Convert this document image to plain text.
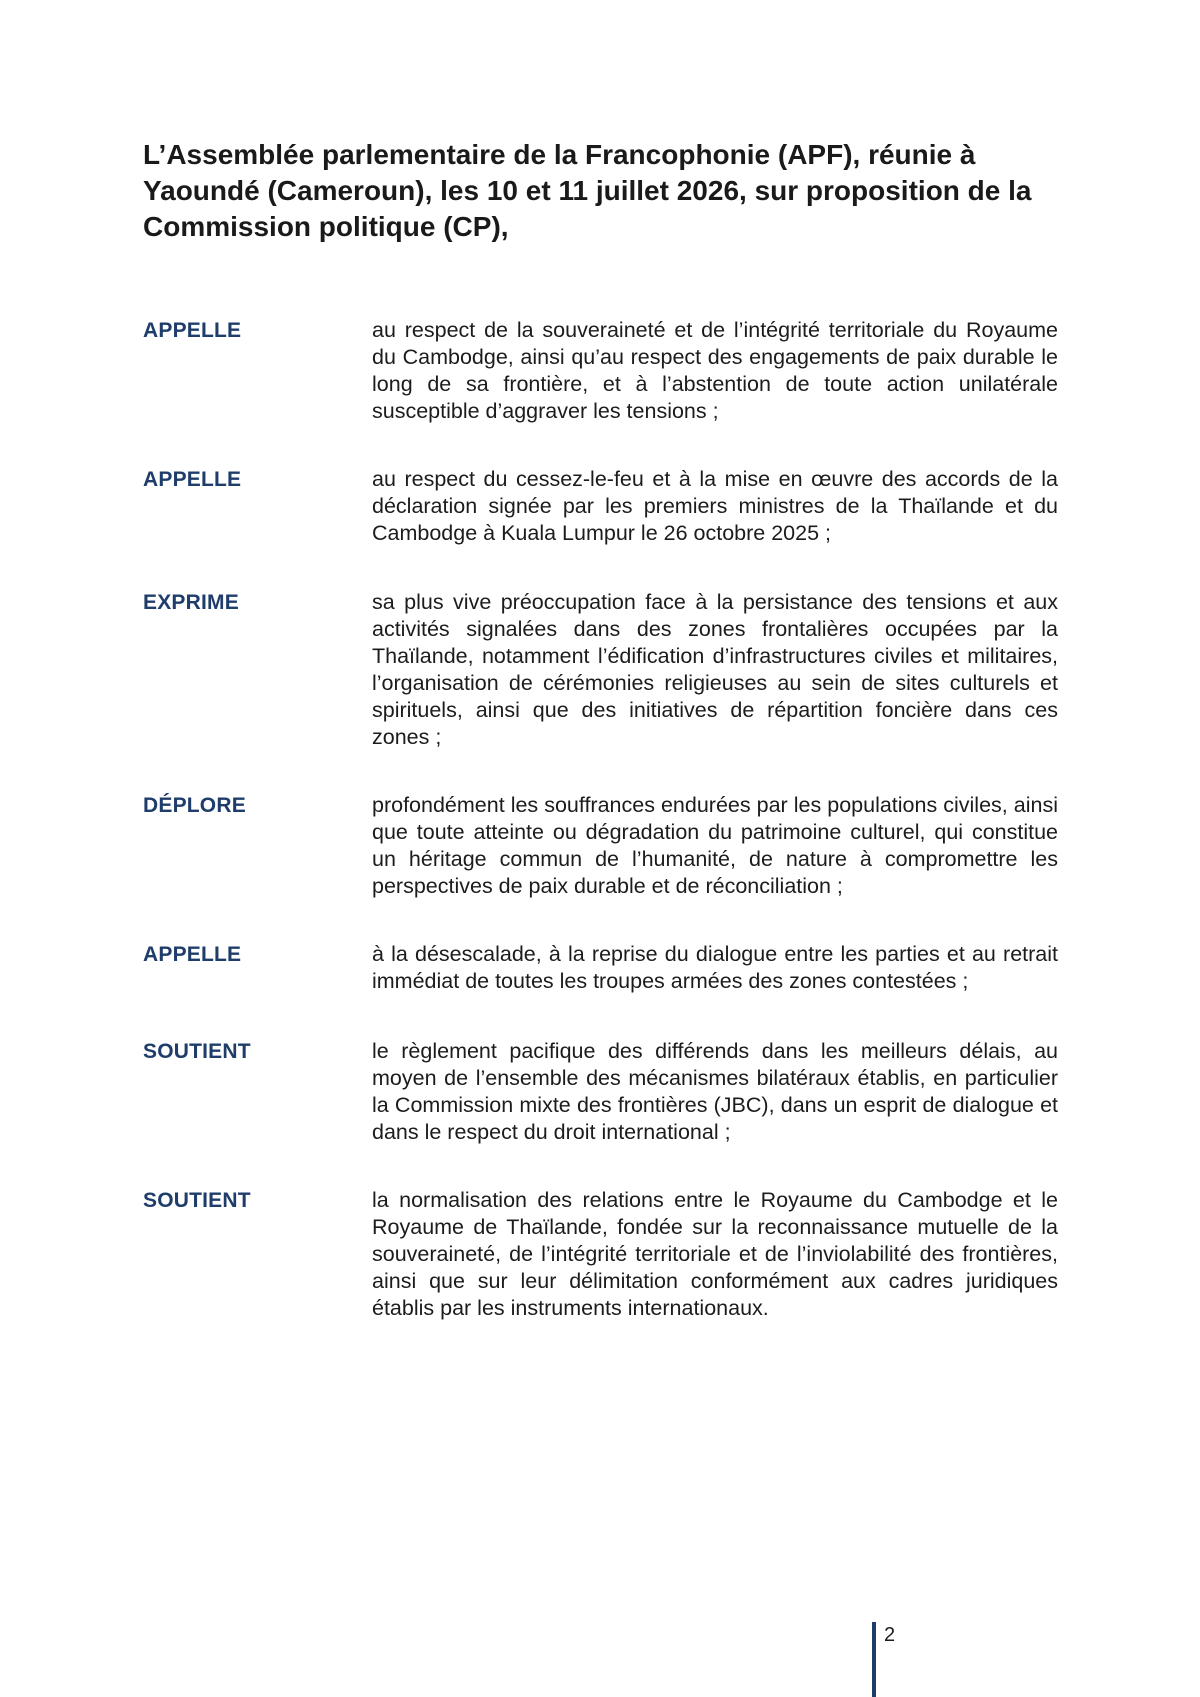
L’Assemblée parlementaire de la Francophonie (APF), réunie à Yaoundé (Cameroun), les 10 et 11 juillet 2026, sur proposition de la Commission politique (CP),

APPELLE	au respect de la souveraineté et de l’intégrité territoriale du Royaume du Cambodge, ainsi qu’au respect des engagements de paix durable le long de sa frontière, et à l’abstention de toute action unilatérale susceptible d’aggraver les tensions ;

APPELLE	au respect du cessez-le-feu et à la mise en œuvre des accords de la déclaration signée par les premiers ministres de la Thaïlande et du Cambodge à Kuala Lumpur le 26 octobre 2025 ;

EXPRIME	sa plus vive préoccupation face à la persistance des tensions et aux activités signalées dans des zones frontalières occupées par la Thaïlande, notamment l’édification d’infrastructures civiles et militaires, l’organisation de cérémonies religieuses au sein de sites culturels et spirituels, ainsi que des initiatives de répartition foncière dans ces zones ;

DÉPLORE	profondément les souffrances endurées par les populations civiles, ainsi que toute atteinte ou dégradation du patrimoine culturel, qui constitue un héritage commun de l’humanité, de nature à compromettre les perspectives de paix durable et de réconciliation ;

APPELLE	à la désescalade, à la reprise du dialogue entre les parties et au retrait immédiat de toutes les troupes armées des zones contestées ;

SOUTIENT	le règlement pacifique des différends dans les meilleurs délais, au moyen de l’ensemble des mécanismes bilatéraux établis, en particulier la Commission mixte des frontières (JBC), dans un esprit de dialogue et dans le respect du droit international ;

SOUTIENT	la normalisation des relations entre le Royaume du Cambodge et le Royaume de Thaïlande, fondée sur la reconnaissance mutuelle de la souveraineté, de l’intégrité territoriale et de l’inviolabilité des frontières, ainsi que sur leur délimitation conformément aux cadres juridiques établis par les instruments internationaux.

2
